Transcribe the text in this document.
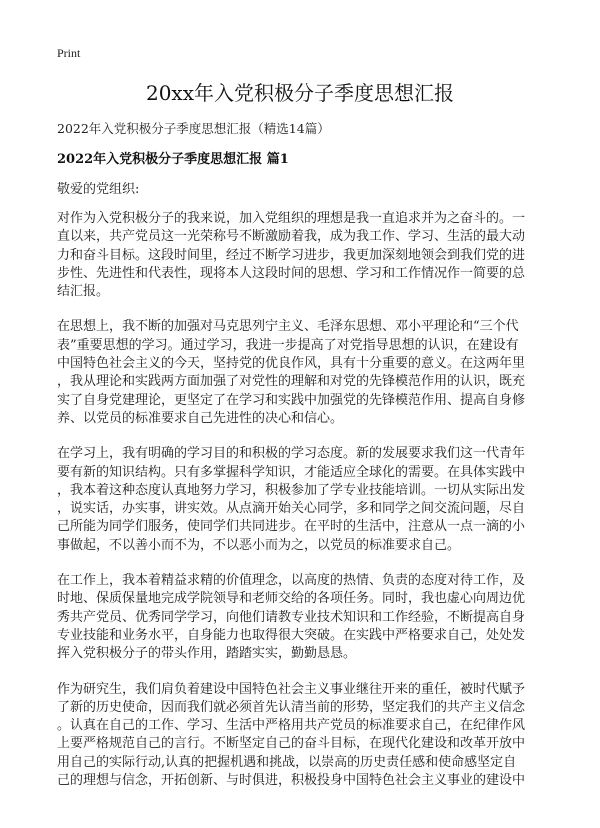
Print
20xx年入党积极分子季度思想汇报
2022年入党积极分子季度思想汇报（精选14篇）
2022年入党积极分子季度思想汇报 篇1
敬爱的党组织:

对作为入党积极分子的我来说，加入党组织的理想是我一直追求并为之奋斗的。一
直以来，共产党员这一光荣称号不断激励着我，成为我工作、学习、生活的最大动
力和奋斗目标。这段时间里，经过不断学习进步，我更加深刻地领会到我们党的进
步性、先进性和代表性，现将本人这段时间的思想、学习和工作情况作一简要的总
结汇报。

在思想上，我不断的加强对马克思列宁主义、毛泽东思想、邓小平理论和“三个代
表”重要思想的学习。通过学习，我进一步提高了对党指导思想的认识，在建设有
中国特色社会主义的今天，坚持党的优良作风，具有十分重要的意义。在这两年里
，我从理论和实践两方面加强了对党性的理解和对党的先锋模范作用的认识，既充
实了自身党建理论，更坚定了在学习和实践中加强党的先锋模范作用、提高自身修
养、以党员的标准要求自己先进性的决心和信心。

在学习上，我有明确的学习目的和积极的学习态度。新的发展要求我们这一代青年
要有新的知识结构。只有多掌握科学知识，才能适应全球化的需要。在具体实践中
，我本着这种态度认真地努力学习，积极参加了学专业技能培训。一切从实际出发
，说实话，办实事，讲实效。从点滴开始关心同学，多和同学之间交流问题，尽自
己所能为同学们服务，使同学们共同进步。在平时的生活中，注意从一点一滴的小
事做起，不以善小而不为，不以恶小而为之，以党员的标准要求自己。

在工作上，我本着精益求精的价值理念，以高度的热情、负责的态度对待工作，及
时地、保质保量地完成学院领导和老师交给的各项任务。同时，我也虚心向周边优
秀共产党员、优秀同学学习，向他们请教专业技术知识和工作经验，不断提高自身
专业技能和业务水平，自身能力也取得很大突破。在实践中严格要求自己，处处发
挥入党积极分子的带头作用，踏踏实实，勤勤恳恳。

作为研究生，我们肩负着建设中国特色社会主义事业继往开来的重任，被时代赋予
了新的历史使命，因而我们就必须首先认清当前的形势，坚定我们的共产主义信念
。认真在自己的工作、学习、生活中严格用共产党员的标准要求自己，在纪律作风
上要严格规范自己的言行。不断坚定自己的奋斗目标，在现代化建设和改革开放中
用自己的实际行动,认真的把握机遇和挑战，以崇高的历史责任感和使命感坚定自
己的理想与信念，开拓创新、与时俱进，积极投身中国特色社会主义事业的建设中
